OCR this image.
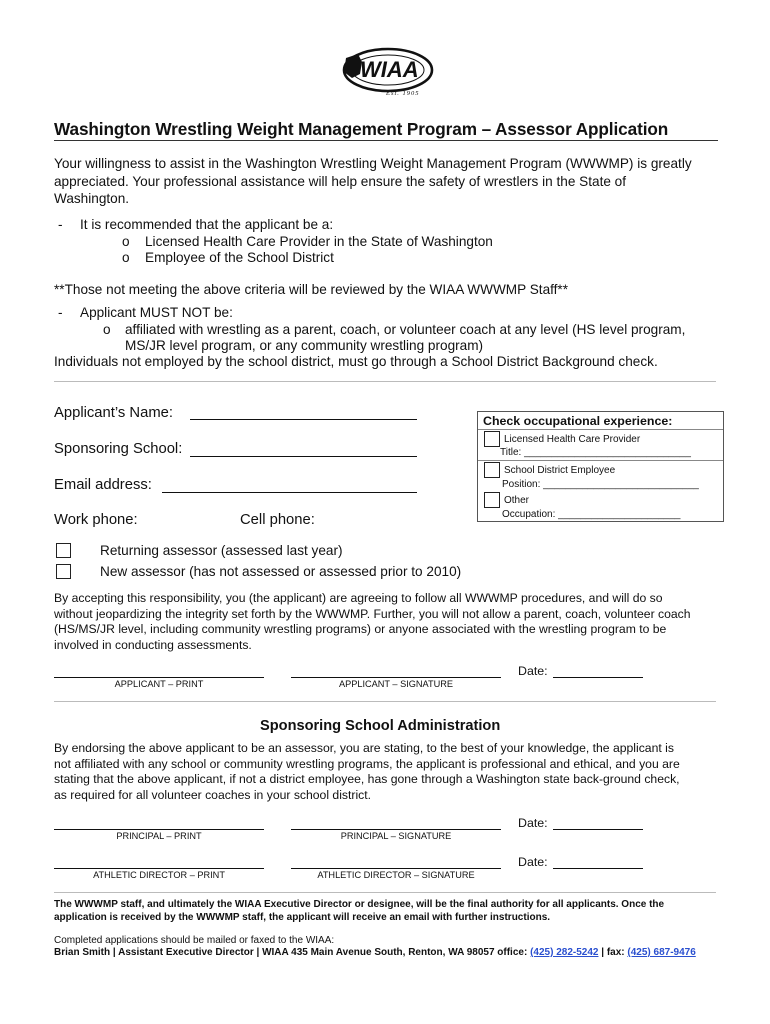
WIAA
Est. 1905
Washington Wrestling Weight Management Program – Assessor Application
Your willingness to assist in the Washington Wrestling Weight Management Program (WWWMP) is greatly
appreciated. Your professional assistance will help ensure the safety of wrestlers in the State of
Washington.
- It is recommended that the applicant be a:
o Licensed Health Care Provider in the State of Washington
o Employee of the School District
**Those not meeting the above criteria will be reviewed by the WIAA WWWMP Staff**
- Applicant MUST NOT be:
o affiliated with wrestling as a parent, coach, or volunteer coach at any level (HS level program,
MS/JR level program, or any community wrestling program)
Individuals not employed by the school district, must go through a School District Background check.
Applicant’s Name:
Sponsoring School:
Email address:
Work phone:	Cell phone:
Check occupational experience:
Licensed Health Care Provider
Title: ______________________________
School District Employee
Position: ____________________________
Other
Occupation: ______________________
Returning assessor (assessed last year)
New assessor (has not assessed or assessed prior to 2010)
By accepting this responsibility, you (the applicant) are agreeing to follow all WWWMP procedures, and will do so
without jeopardizing the integrity set forth by the WWWMP. Further, you will not allow a parent, coach, volunteer coach
(HS/MS/JR level, including community wrestling programs) or anyone associated with the wrestling program to be
involved in conducting assessments.
Date:
APPLICANT – PRINT	APPLICANT – SIGNATURE
Sponsoring School Administration
By endorsing the above applicant to be an assessor, you are stating, to the best of your knowledge, the applicant is
not affiliated with any school or community wrestling programs, the applicant is professional and ethical, and you are
stating that the above applicant, if not a district employee, has gone through a Washington state back-ground check,
as required for all volunteer coaches in your school district.
Date:
PRINCIPAL – PRINT	PRINCIPAL – SIGNATURE
Date:
ATHLETIC DIRECTOR – PRINT	ATHLETIC DIRECTOR – SIGNATURE
The WWWMP staff, and ultimately the WIAA Executive Director or designee, will be the final authority for all applicants. Once the
application is received by the WWWMP staff, the applicant will receive an email with further instructions.
Completed applications should be mailed or faxed to the WIAA:
Brian Smith | Assistant Executive Director | WIAA 435 Main Avenue South, Renton, WA 98057 office: (425) 282-5242 | fax: (425) 687-9476
